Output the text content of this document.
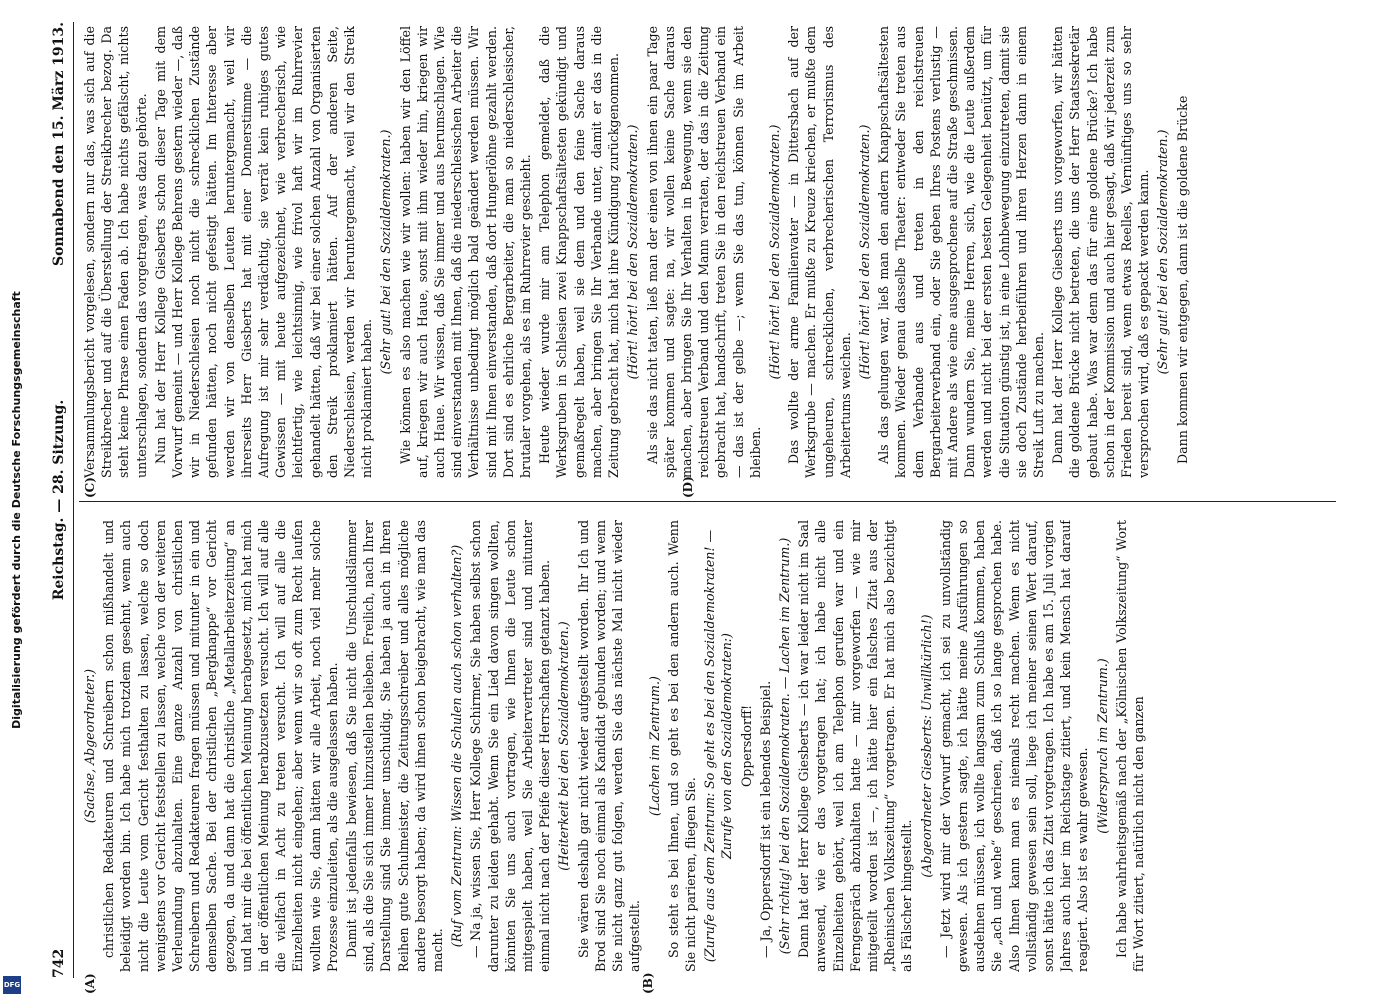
Digitalisierung gefördert durch die Deutsche Forschungsgemeinschaft
DFG
742
Reichstag. — 28. Sitzung.
Sonnabend den 15. März 1913.
(A)	(B)
(C)	(D)

(Sachse, Abgeordneter.) christlichen Redakteuren und Schreibern schon mißhandelt und beleidigt worden bin. Ich habe mich trotzdem gesehnt, wenn auch nicht die Leute vom Gericht festhalten zu lassen, welche so doch wenigstens vor Gericht feststellen zu lassen, welche von der weiteren Verleumdung abzuhalten. Eine ganze Anzahl von christlichen Schreibern und Redakteuren fragen müssen und mitunter in ein und demselben Sache. Bei der christlichen „Bergknappe“ vor Gericht gezogen, da und dann hat die christliche „Metallarbeiterzeitung“ an und hat mir die bei öffentlichen Meinung herabgesetzt, mich hat mich in der öffentlichen Meinung herabzusetzen versucht. Ich will auf alle die vielfach in Acht zu treten versucht. Ich will auf alle die Einzelheiten nicht eingehen; aber wenn wir so oft zum Recht laufen wollten wie Sie, dann hätten wir alle Arbeit, noch viel mehr solche Prozesse einzuleiten, als die ausgelassen haben. Damit ist jedenfalls bewiesen, daß Sie nicht die Unschuldslämmer sind, als die Sie sich immer hinzustellen belieben. Freilich, nach Ihrer Darstellung sind Sie immer unschuldig. Sie haben ja auch in Ihren Reihen gute Schulmeister, die Zeitungsschreiber und alles mögliche andere besorgt haben; da wird ihnen schon beigebracht, wie man das macht.

(Ruf vom Zentrum: Wissen die Schulen auch schon verhalten?) — Na ja, wissen Sie, Herr Kollege Schirmer, Sie haben selbst schon darunter zu leiden gehabt. Wenn Sie ein Lied davon singen wollten, könnten Sie uns auch vortragen, wie Ihnen die Leute schon mitgespielt haben, weil Sie Arbeitervertreter sind und mitunter einmal nicht nach der Pfeife dieser Herrschaften getanzt haben. (Heiterkeit bei den Sozialdemokraten.) Sie wären deshalb gar nicht wieder aufgestellt worden. Ihr Ich und Brod sind Sie noch einmal als Kandidat gebunden worden; und wenn Sie nicht ganz gut folgen, werden Sie das nächste Mal nicht wieder aufgestellt.

(Lachen im Zentrum.) So steht es bei Ihnen, und so geht es bei den andern auch. Wenn Sie nicht parieren, fliegen Sie. (Zurufe aus dem Zentrum: So geht es bei den Sozialdemokraten! — Zurufe von den Sozialdemokraten:) Oppersdorff! — Ja, Oppersdorff ist ein lebendes Beispiel. (Sehr richtig! bei den Sozialdemokraten. — Lachen im Zentrum.) Dann hat der Herr Kollege Giesberts — ich war leider nicht im Saal anwesend, wie er das vorgetragen hat; ich habe nicht alle Einzelheiten gehört, weil ich am Telephon gerufen war und ein Ferngespräch abzuhalten hatte — mir vorgeworfen — wie mir mitgeteilt worden ist —, ich hätte hier ein falsches Zitat aus der „Rheinischen Volkszeitung“ vorgetragen. Er hat mich also bezichtigt als Fälscher hingestellt.

(Abgeordneter Giesberts: Unwillkürlich!) — Jetzt wird mir der Vorwurf gemacht, ich sei zu unvollständig gewesen. Als ich gestern sagte, ich hätte meine Ausführungen so ausdehnen müssen, ich wollte langsam zum Schluß kommen, haben Sie „ach und wehe“ geschrieen, daß ich so lange gesprochen habe. Also Ihnen kann man es niemals recht machen. Wenn es nicht vollständig gewesen sein soll, liege ich meiner seinen Wert darauf, sonst hätte ich das Zitat vorgetragen. Ich habe es am 15. Juli vorigen Jahres auch hier im Reichstage zitiert, und kein Mensch hat darauf reagiert. Also ist es wahr gewesen.

(Widerspruch im Zentrum.) Ich habe wahrheitsgemäß nach der „Kölnischen Volkszeitung“ Wort für Wort zitiert, natürlich nicht den ganzen

Versammlungsbericht vorgelesen, sondern nur das, was sich auf die Streikbrecher und auf die Überstellung der Streikbrecher bezog. Da steht keine Phrase einen Faden ab. Ich habe nichts gefälscht, nichts unterschlagen, sondern das vorgetragen, was dazu gehörte. Nun hat der Herr Kollege Giesberts schon dieser Tage mit dem Vorwurf gemeint — und Herr Kollege Behrens gestern wieder —, daß wir in Niederschlesien noch nicht die schrecklichen Zustände gefunden hätten, noch nicht gefestigt hätten. Im Interesse aber werden wir von denselben Leuten heruntergemacht, weil wir ihrerseits Herr Giesberts hat mit einer Donnerstimme — die Aufregung ist mir sehr verdächtig, sie verrät kein ruhiges gutes Gewissen — mit heute aufgezeichnet, wie verbrecherisch, wie leichtfertig, wie leichtsinnig, wie frivol haft wir im Ruhrrevier gehandelt hätten, daß wir bei einer solchen Anzahl von Organisierten den Streik proklamiert hätten. Auf der anderen Seite, Niederschlesien, werden wir heruntergemacht, weil wir den Streik nicht proklamiert haben.

(Sehr gut! bei den Sozialdemokraten.) Wie können es also machen wie wir wollen: haben wir den Löffel auf, kriegen wir auch Haue, sonst mit ihm wieder hin, kriegen wir auch Haue. Wir wissen, daß Sie immer und aus herumschlagen. Wie sind einverstanden mit Ihnen, daß die niederschlesischen Arbeiter die Verhältnisse unbedingt möglich bald geändert werden müssen. Wir sind mit Ihnen einverstanden, daß dort Hungerlöhne gezahlt werden. Dort sind es ehrliche Bergarbeiter, die man so niederschlesischer, brutaler vorgehen, als es im Ruhrrevier geschieht. Heute wieder wurde mir am Telephon gemeldet, daß die Werksgruben in Schlesien zwei Knappschaftsältesten gekündigt und gemaßregelt haben, weil sie dem und den feine Sache daraus machen, aber bringen Sie Ihr Verbande unter, damit er das in die Zeitung gebracht hat, mich hat ihre Kündigung zurückgenommen. (Hört! hört! bei den Sozialdemokraten.) Als sie das nicht taten, ließ man der einen von ihnen ein paar Tage später kommen und sagte: na, wir wollen keine Sache daraus machen, aber bringen Sie Ihr Verhalten in Bewegung, wenn sie den reichstreuen Verband und den Mann verraten, der das in die Zeitung gebracht hat, handschrift, treten Sie in den reichstreuen Verband ein — das ist der gelbe —; wenn Sie das tun, können Sie im Arbeit bleiben.

(Hört! hört! bei den Sozialdemokraten.) Das wollte der arme Familienvater — in Dittersbach auf der Werksgrube — machen. Er mußte zu Kreuze kriechen, er mußte dem ungeheuren, schrecklichen, verbrecherischen Terrorismus des Arbeitertums weichen.

(Hört! hört! bei den Sozialdemokraten.) Als das gelungen war, ließ man den andern Knappschaftsältesten kommen. Wieder genau dasselbe Theater: entweder Sie treten aus dem Verbande aus und treten in den reichstreuen Bergarbeiterverband ein, oder Sie geben Ihres Postens verlustig — mit Andere als wie eine ausgesprochene auf die Straße geschmissen. Dann wundern Sie, meine Herren, sich, wie die Leute außerdem werden und nicht bei der ersten besten Gelegenheit benützt, um für die Situation günstig ist, in eine Lohnbewegung einzutreten, damit sie sie doch Zustände herbeiführen und ihren Herzen dann in einem Streik Luft zu machen. Dann hat der Herr Kollege Giesberts uns vorgeworfen, wir hätten die goldene Brücke nicht betreten, die uns der Herr Staatssekretär gebaut habe. Was war denn das für eine goldene Brücke? Ich habe schon in der Kommission und auch hier gesagt, daß wir jederzeit zum Frieden bereit sind, wenn etwas Reelles, Vernünftiges uns so sehr versprochen wird, daß es gepackt werden kann. (Sehr gut! bei den Sozialdemokraten.) Dann kommen wir entgegen, dann ist die goldene Brücke
